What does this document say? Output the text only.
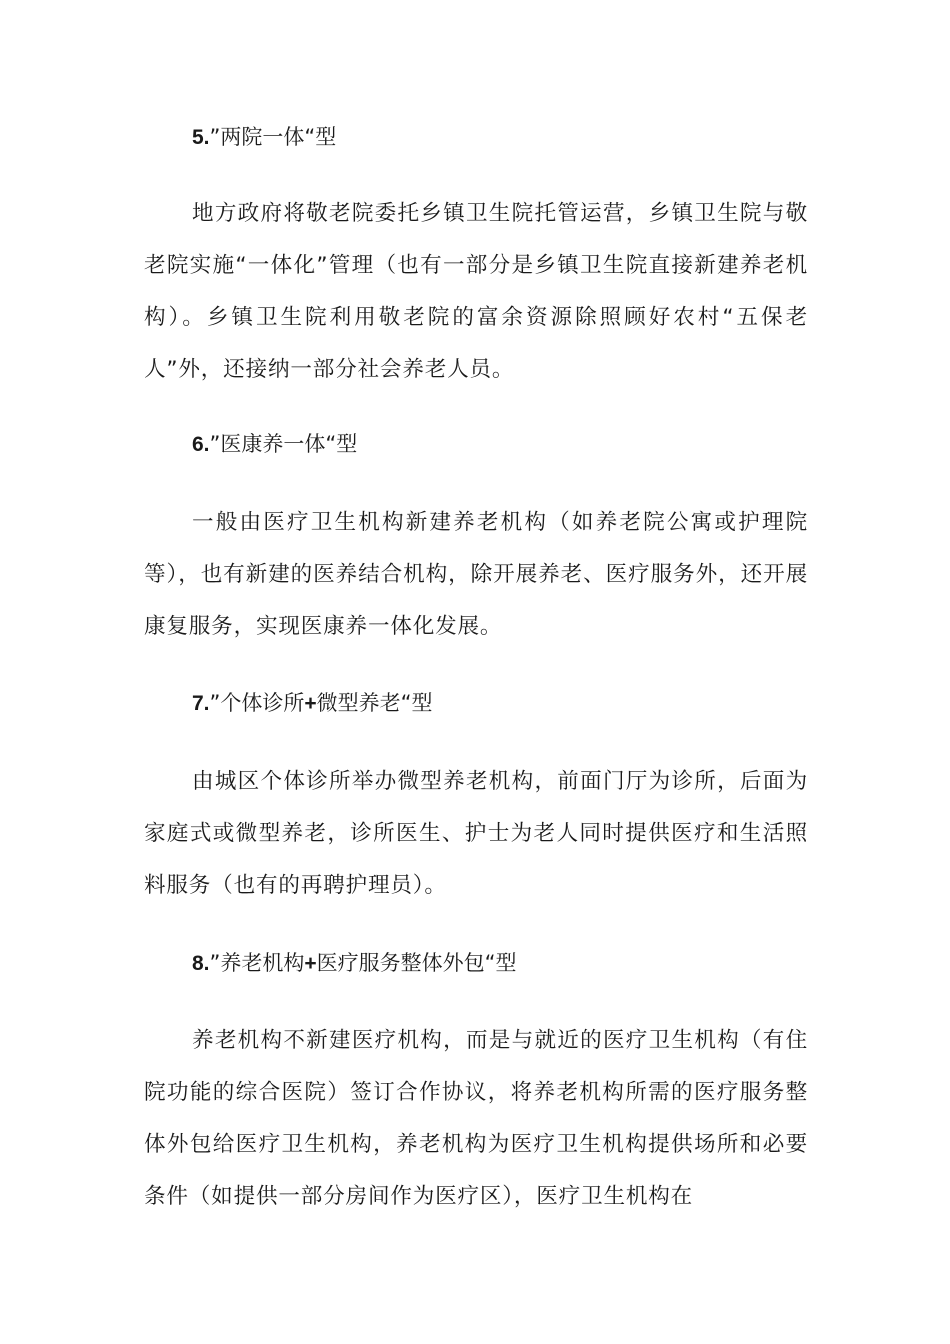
5.”两院一体“型

地方政府将敬老院委托乡镇卫生院托管运营，乡镇卫生院与敬老院实施“一体化”管理（也有一部分是乡镇卫生院直接新建养老机构）。乡镇卫生院利用敬老院的富余资源除照顾好农村“五保老人”外，还接纳一部分社会养老人员。

6.”医康养一体“型

一般由医疗卫生机构新建养老机构（如养老院公寓或护理院等），也有新建的医养结合机构，除开展养老、医疗服务外，还开展康复服务，实现医康养一体化发展。

7.”个体诊所+微型养老“型

由城区个体诊所举办微型养老机构，前面门厅为诊所，后面为家庭式或微型养老，诊所医生、护士为老人同时提供医疗和生活照料服务（也有的再聘护理员）。

8.”养老机构+医疗服务整体外包“型

养老机构不新建医疗机构，而是与就近的医疗卫生机构（有住院功能的综合医院）签订合作协议，将养老机构所需的医疗服务整体外包给医疗卫生机构，养老机构为医疗卫生机构提供场所和必要条件（如提供一部分房间作为医疗区），医疗卫生机构在
